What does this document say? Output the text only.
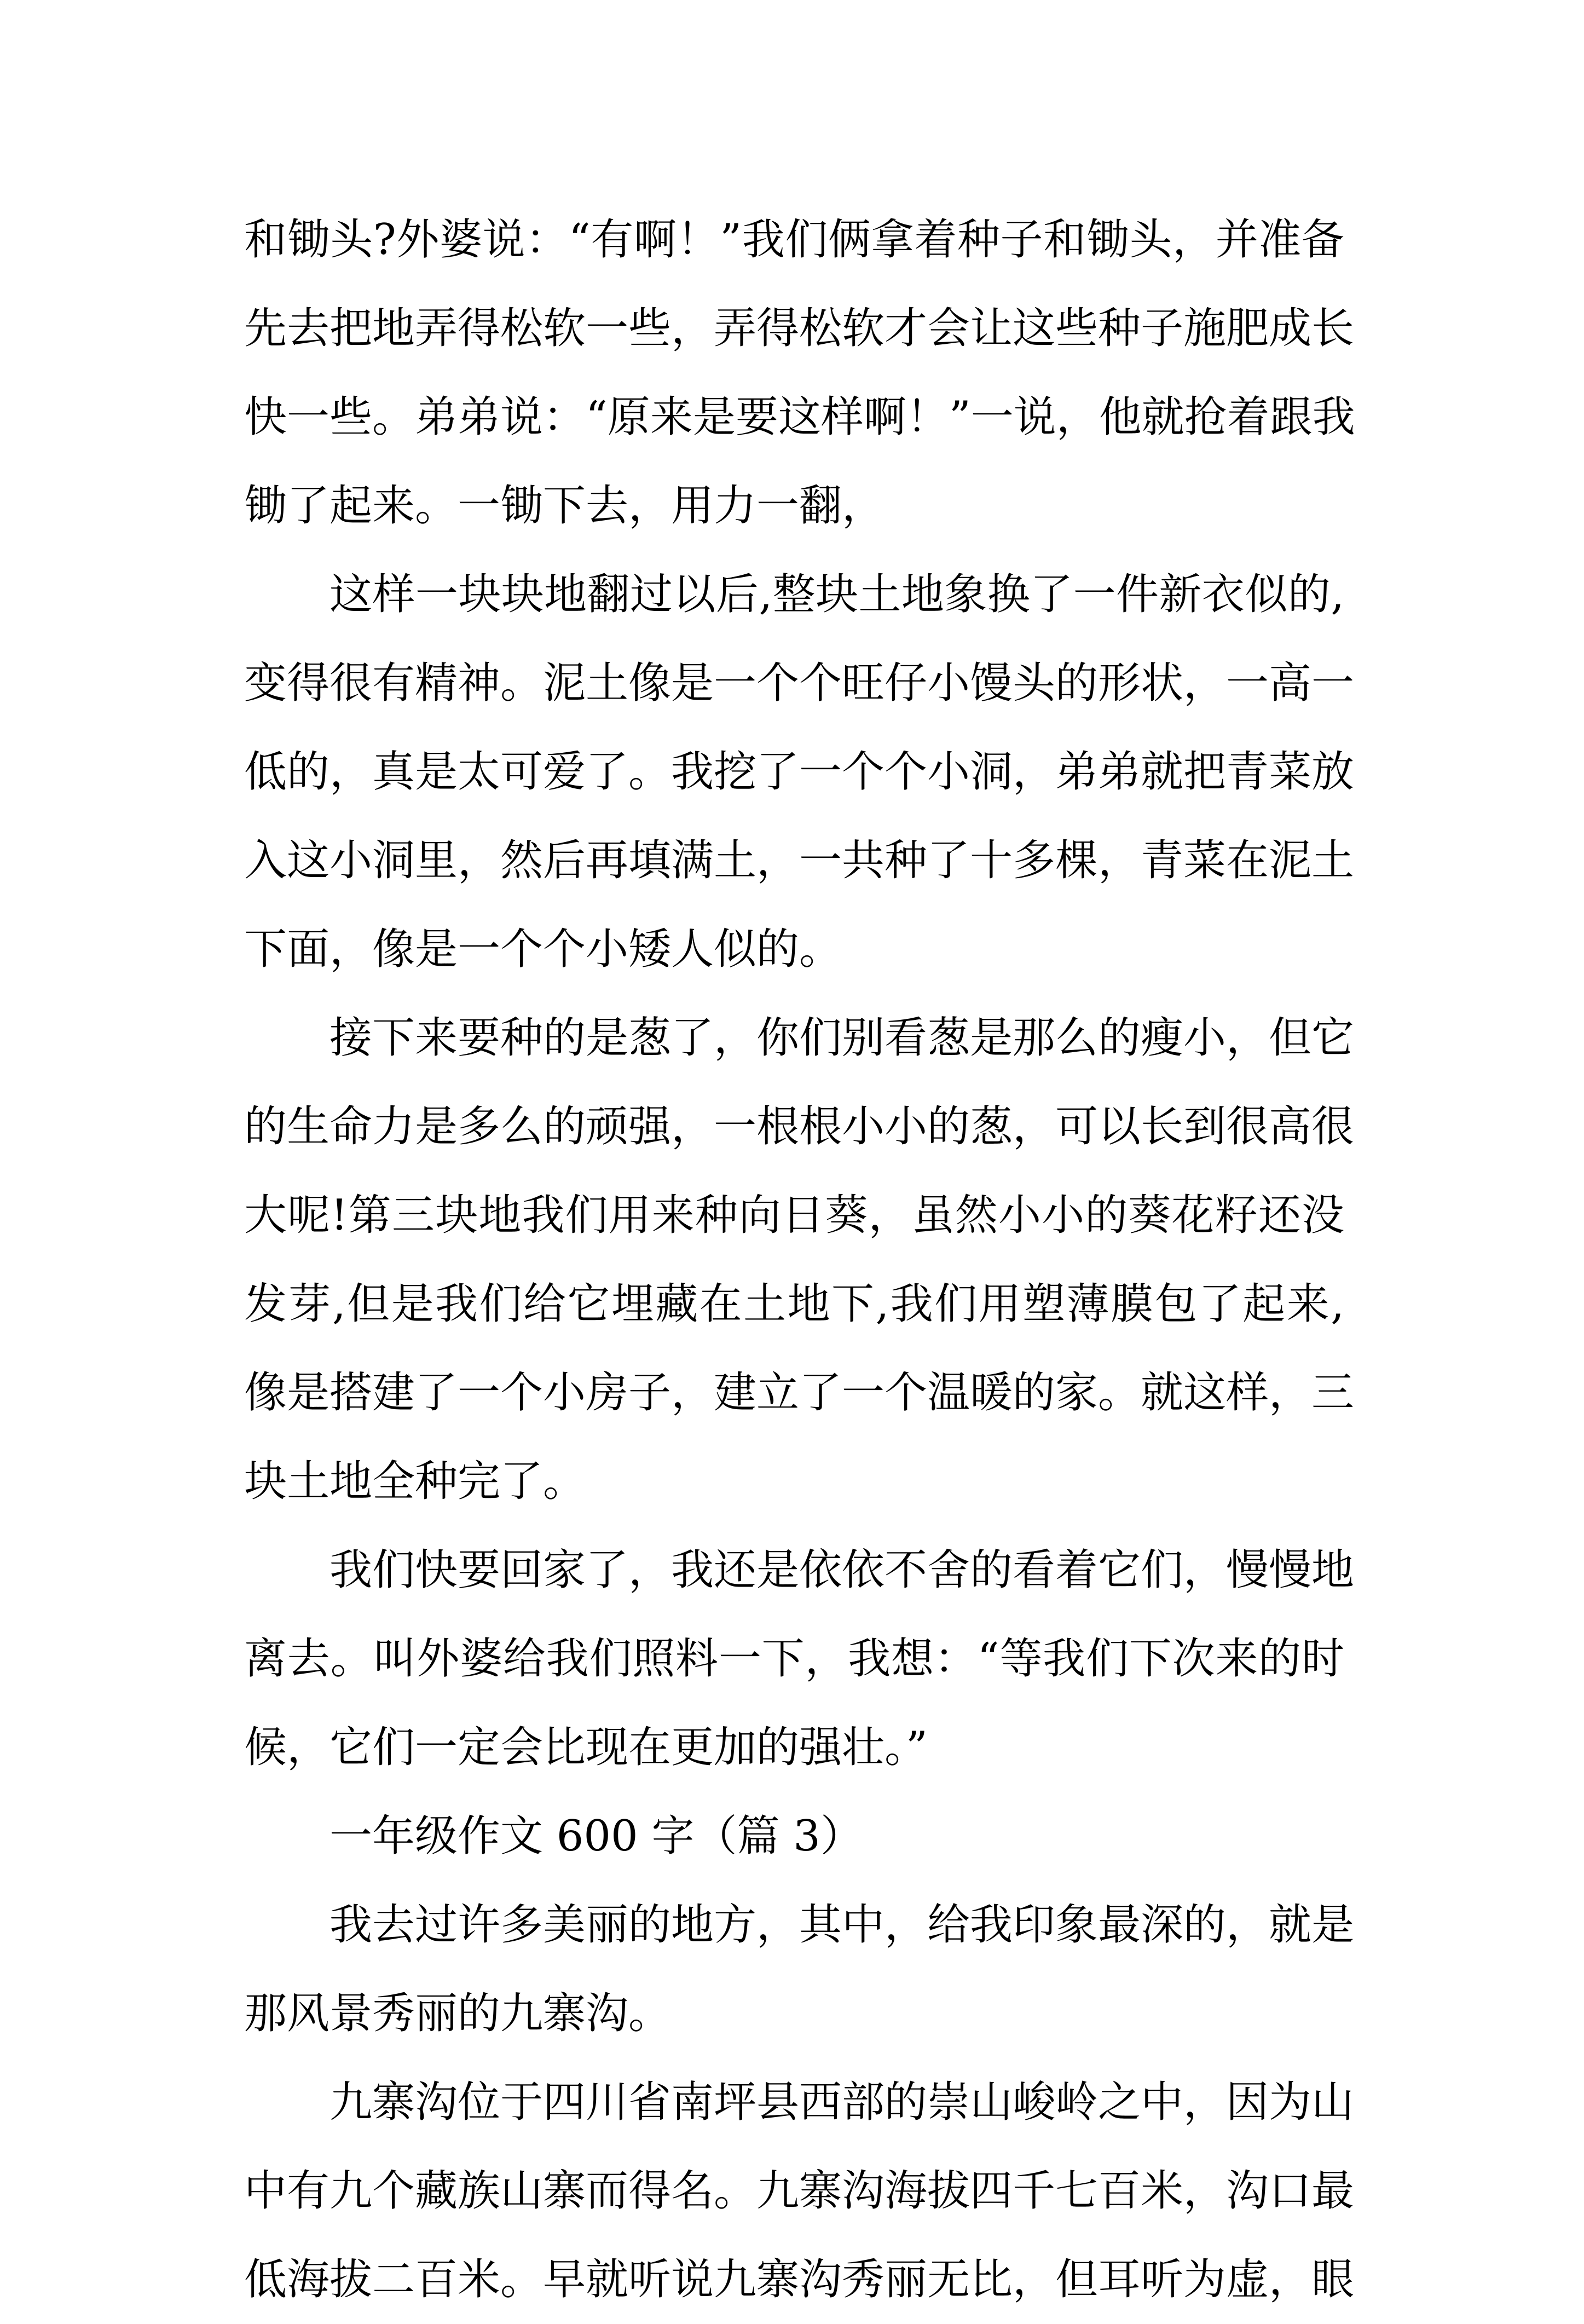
和锄头?外婆说：“有啊！”我们俩拿着种子和锄头，并准备
先去把地弄得松软一些，弄得松软才会让这些种子施肥成长
快一些。弟弟说：“原来是要这样啊！”一说，他就抢着跟我
锄了起来。一锄下去，用力一翻，
这样一块块地翻过以后,整块土地象换了一件新衣似的,
变得很有精神。泥土像是一个个旺仔小馒头的形状，一高一
低的，真是太可爱了。我挖了一个个小洞，弟弟就把青菜放
入这小洞里，然后再填满土，一共种了十多棵，青菜在泥土
下面，像是一个个小矮人似的。
接下来要种的是葱了，你们别看葱是那么的瘦小，但它
的生命力是多么的顽强，一根根小小的葱，可以长到很高很
大呢!第三块地我们用来种向日葵，虽然小小的葵花籽还没
发芽,但是我们给它埋藏在土地下,我们用塑薄膜包了起来,
像是搭建了一个小房子，建立了一个温暖的家。就这样，三
块土地全种完了。
我们快要回家了，我还是依依不舍的看着它们，慢慢地
离去。叫外婆给我们照料一下，我想：“等我们下次来的时
候，它们一定会比现在更加的强壮。”
一年级作文 600 字（篇 3）
我去过许多美丽的地方，其中，给我印象最深的，就是
那风景秀丽的九寨沟。
九寨沟位于四川省南坪县西部的崇山峻岭之中，因为山
中有九个藏族山寨而得名。九寨沟海拔四千七百米，沟口最
低海拔二百米。早就听说九寨沟秀丽无比，但耳听为虚，眼
